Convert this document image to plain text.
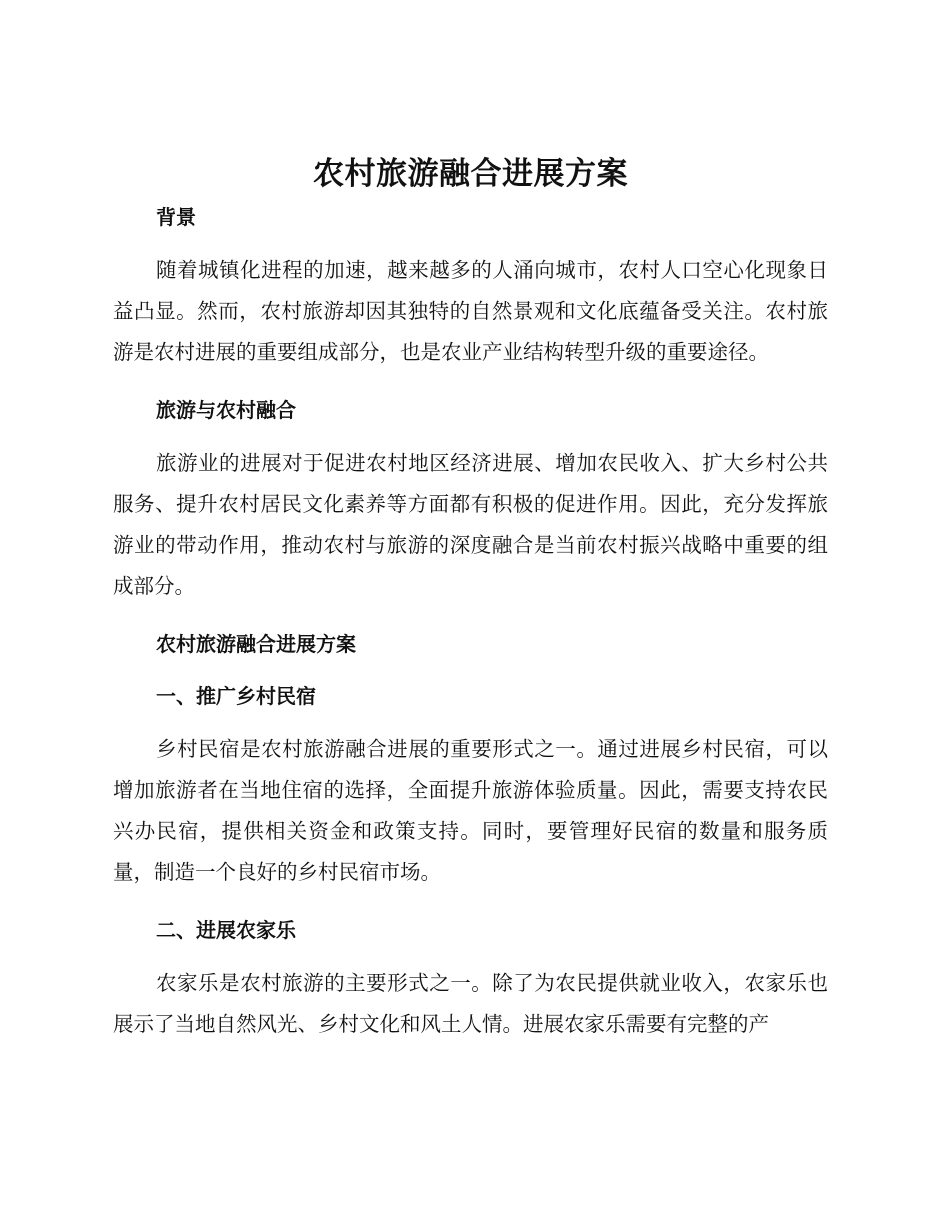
农村旅游融合进展方案
背景

随着城镇化进程的加速，越来越多的人涌向城市，农村人口空心化现象日益凸显。然而，农村旅游却因其独特的自然景观和文化底蕴备受关注。农村旅游是农村进展的重要组成部分，也是农业产业结构转型升级的重要途径。

旅游与农村融合

旅游业的进展对于促进农村地区经济进展、增加农民收入、扩大乡村公共服务、提升农村居民文化素养等方面都有积极的促进作用。因此，充分发挥旅游业的带动作用，推动农村与旅游的深度融合是当前农村振兴战略中重要的组成部分。

农村旅游融合进展方案
一、推广乡村民宿

乡村民宿是农村旅游融合进展的重要形式之一。通过进展乡村民宿，可以增加旅游者在当地住宿的选择，全面提升旅游体验质量。因此，需要支持农民兴办民宿，提供相关资金和政策支持。同时，要管理好民宿的数量和服务质量，制造一个良好的乡村民宿市场。

二、进展农家乐

农家乐是农村旅游的主要形式之一。除了为农民提供就业收入，农家乐也展示了当地自然风光、乡村文化和风土人情。进展农家乐需要有完整的产
